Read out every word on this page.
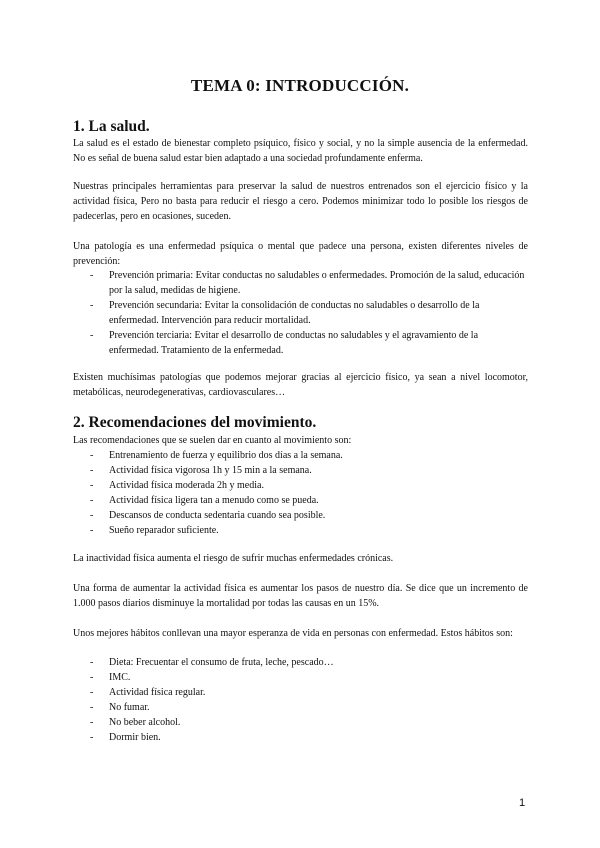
TEMA 0: INTRODUCCIÓN.
1. La salud.

La salud es el estado de bienestar completo psíquico, físico y social, y no la simple ausencia de la enfermedad. No es señal de buena salud estar bien adaptado a una sociedad profundamente enferma.

Nuestras principales herramientas para preservar la salud de nuestros entrenados son el ejercicio físico y la actividad física, Pero no basta para reducir el riesgo a cero. Podemos minimizar todo lo posible los riesgos de padecerlas, pero en ocasiones, suceden.

Una patología es una enfermedad psíquica o mental que padece una persona, existen diferentes niveles de prevención:

- Prevención primaria: Evitar conductas no saludables o enfermedades. Promoción de la salud, educación por la salud, medidas de higiene.
- Prevención secundaria: Evitar la consolidación de conductas no saludables o desarrollo de la enfermedad. Intervención para reducir mortalidad.
- Prevención terciaria: Evitar el desarrollo de conductas no saludables y el agravamiento de la enfermedad. Tratamiento de la enfermedad.

Existen muchísimas patologías que podemos mejorar gracias al ejercicio físico, ya sean a nivel locomotor, metabólicas, neurodegenerativas, cardiovasculares…

2. Recomendaciones del movimiento.

Las recomendaciones que se suelen dar en cuanto al movimiento son:

- Entrenamiento de fuerza y equilibrio dos días a la semana.
- Actividad física vigorosa 1h y 15 min a la semana.
- Actividad física moderada 2h y media.
- Actividad física ligera tan a menudo como se pueda.
- Descansos de conducta sedentaria cuando sea posible.
- Sueño reparador suficiente.

La inactividad física aumenta el riesgo de sufrir muchas enfermedades crónicas.

Una forma de aumentar la actividad física es aumentar los pasos de nuestro día. Se dice que un incremento de 1.000 pasos diarios disminuye la mortalidad por todas las causas en un 15%.

Unos mejores hábitos conllevan una mayor esperanza de vida en personas con enfermedad. Estos hábitos son:

- Dieta: Frecuentar el consumo de fruta, leche, pescado…
- IMC.
- Actividad física regular.
- No fumar.
- No beber alcohol.
- Dormir bien.
1
